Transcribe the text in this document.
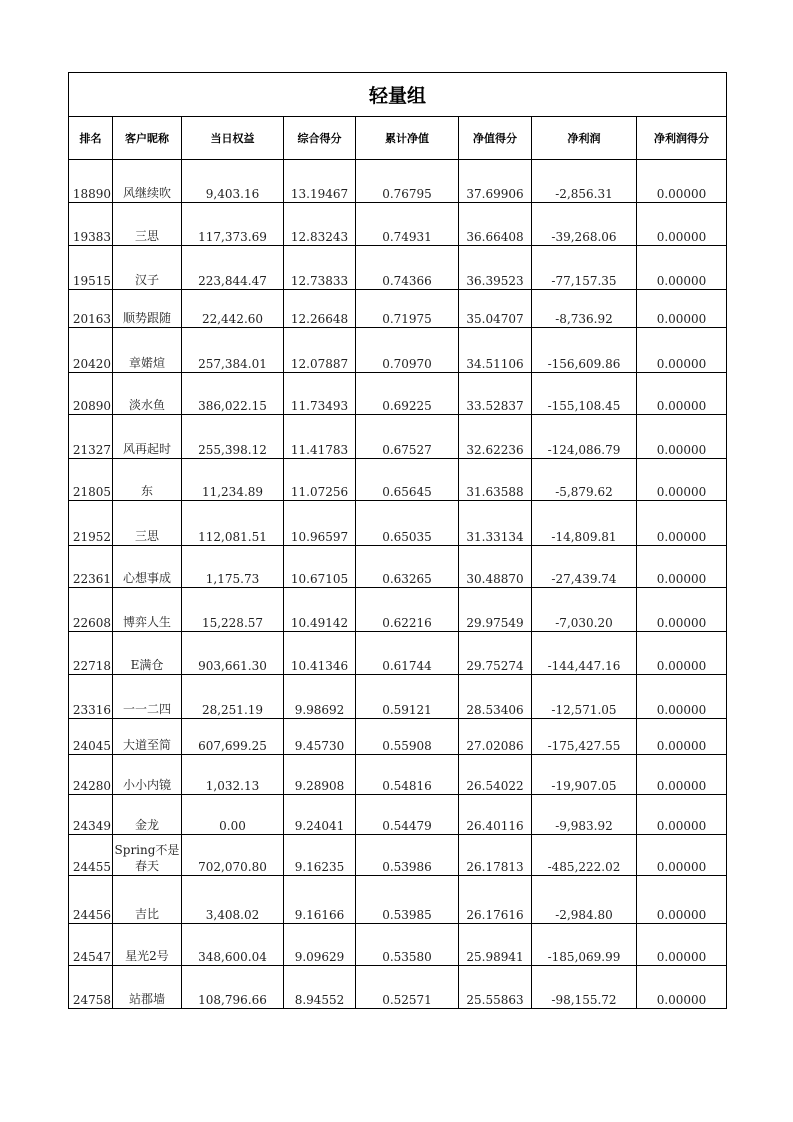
轻量组							
排名	客户昵称	当日权益	综合得分	累计净值	净值得分	净利润	净利润得分
18890	风继续吹	9,403.16	13.19467	0.76795	37.69906	-2,856.31	0.00000
19383	三思	117,373.69	12.83243	0.74931	36.66408	-39,268.06	0.00000
19515	汉子	223,844.47	12.73833	0.74366	36.39523	-77,157.35	0.00000
20163	顺势跟随	22,442.60	12.26648	0.71975	35.04707	-8,736.92	0.00000
20420	章婼煊	257,384.01	12.07887	0.70970	34.51106	-156,609.86	0.00000
20890	淡水鱼	386,022.15	11.73493	0.69225	33.52837	-155,108.45	0.00000
21327	风再起时	255,398.12	11.41783	0.67527	32.62236	-124,086.79	0.00000
21805	东	11,234.89	11.07256	0.65645	31.63588	-5,879.62	0.00000
21952	三思	112,081.51	10.96597	0.65035	31.33134	-14,809.81	0.00000
22361	心想事成	1,175.73	10.67105	0.63265	30.48870	-27,439.74	0.00000
22608	博弈人生	15,228.57	10.49142	0.62216	29.97549	-7,030.20	0.00000
22718	E满仓	903,661.30	10.41346	0.61744	29.75274	-144,447.16	0.00000
23316	一一二四	28,251.19	9.98692	0.59121	28.53406	-12,571.05	0.00000
24045	大道至简	607,699.25	9.45730	0.55908	27.02086	-175,427.55	0.00000
24280	小小内镜	1,032.13	9.28908	0.54816	26.54022	-19,907.05	0.00000
24349	金龙	0.00	9.24041	0.54479	26.40116	-9,983.92	0.00000
24455	Spring不是春天	702,070.80	9.16235	0.53986	26.17813	-485,222.02	0.00000
24456	吉比	3,408.02	9.16166	0.53985	26.17616	-2,984.80	0.00000
24547	星光2号	348,600.04	9.09629	0.53580	25.98941	-185,069.99	0.00000
24758	站郡墙	108,796.66	8.94552	0.52571	25.55863	-98,155.72	0.00000
